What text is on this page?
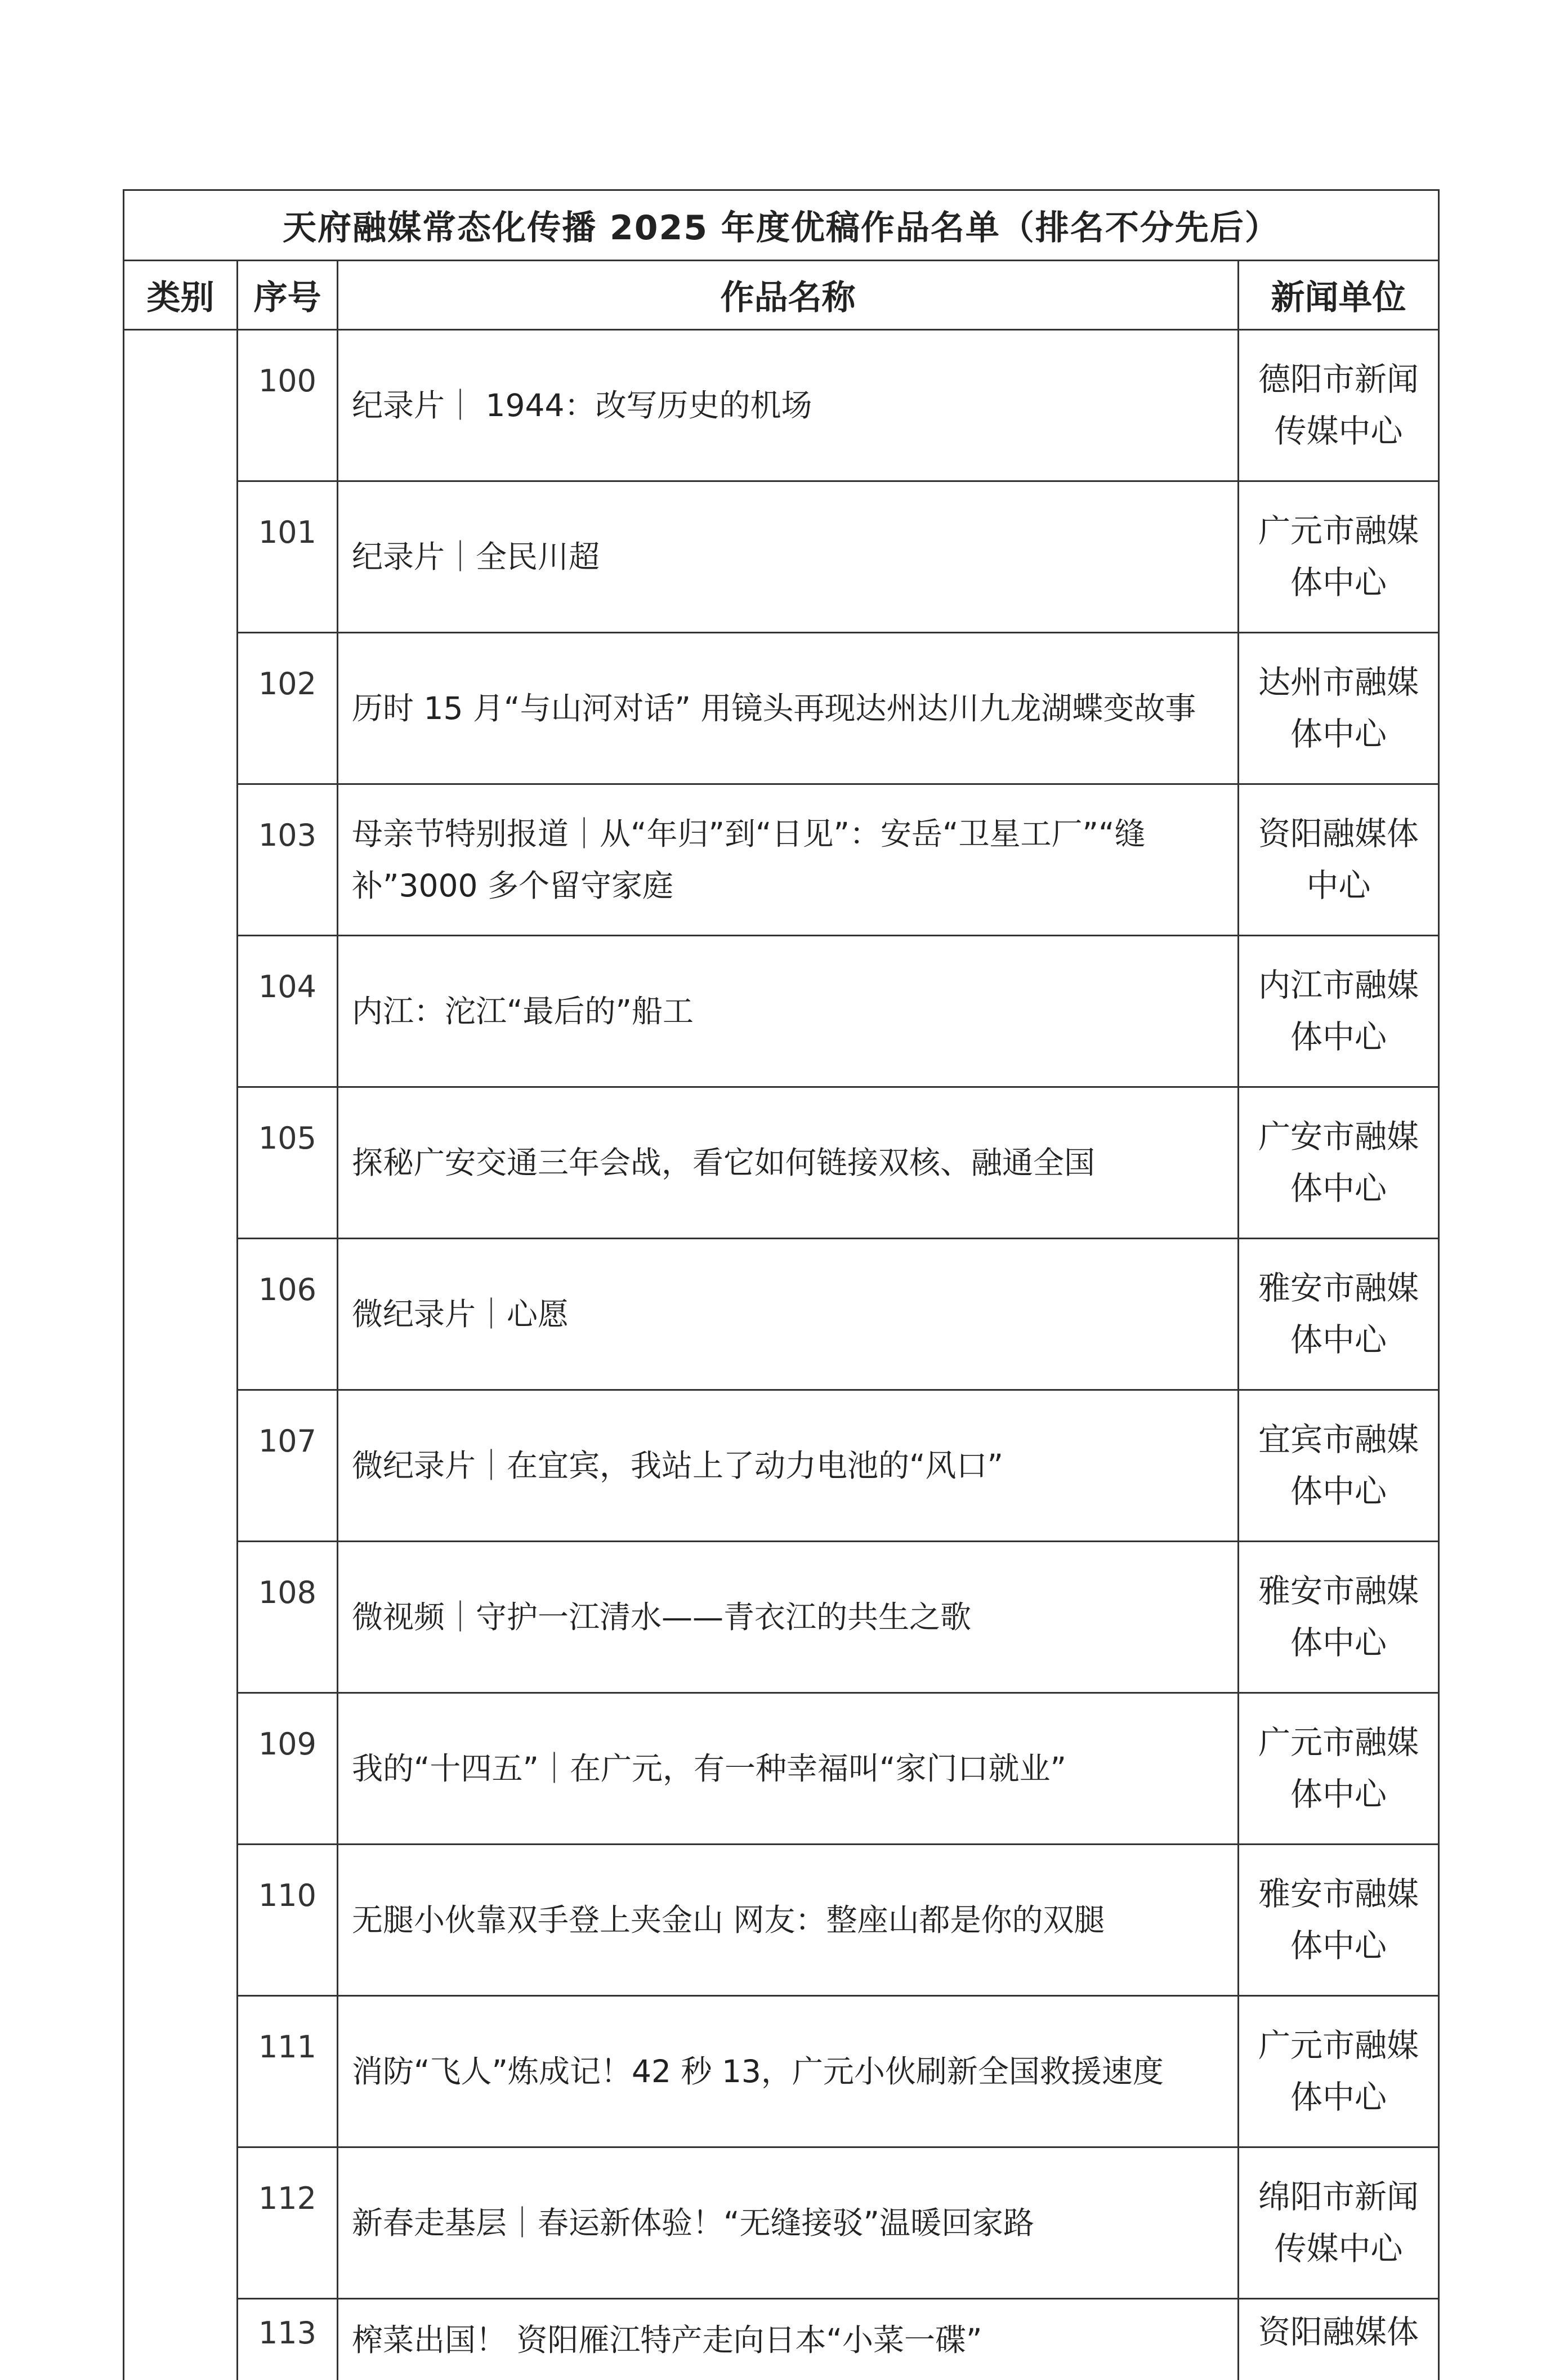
天府融媒常态化传播 2025 年度优稿作品名单（排名不分先后）			
类别	序号	作品名称	新闻单位
	100	纪录片｜ 1944：改写历史的机场	德阳市新闻传媒中心
	101	纪录片｜全民川超	广元市融媒体中心
	102	历时 15 月“与山河对话” 用镜头再现达州达川九龙湖蝶变故事	达州市融媒体中心
	103	母亲节特别报道｜从“年归”到“日见”：安岳“卫星工厂”“缝补”3000 多个留守家庭	资阳融媒体中心
	104	内江：沱江“最后的”船工	内江市融媒体中心
	105	探秘广安交通三年会战，看它如何链接双核、融通全国	广安市融媒体中心
	106	微纪录片｜心愿	雅安市融媒体中心
	107	微纪录片｜在宜宾，我站上了动力电池的“风口”	宜宾市融媒体中心
	108	微视频｜守护一江清水——青衣江的共生之歌	雅安市融媒体中心
	109	我的“十四五”｜在广元，有一种幸福叫“家门口就业”	广元市融媒体中心
	110	无腿小伙靠双手登上夹金山 网友：整座山都是你的双腿	雅安市融媒体中心
	111	消防“飞人”炼成记！42 秒 13，广元小伙刷新全国救援速度	广元市融媒体中心
	112	新春走基层｜春运新体验！“无缝接驳”温暖回家路	绵阳市新闻传媒中心
	113	榨菜出国！ 资阳雁江特产走向日本“小菜一碟”	资阳融媒体
